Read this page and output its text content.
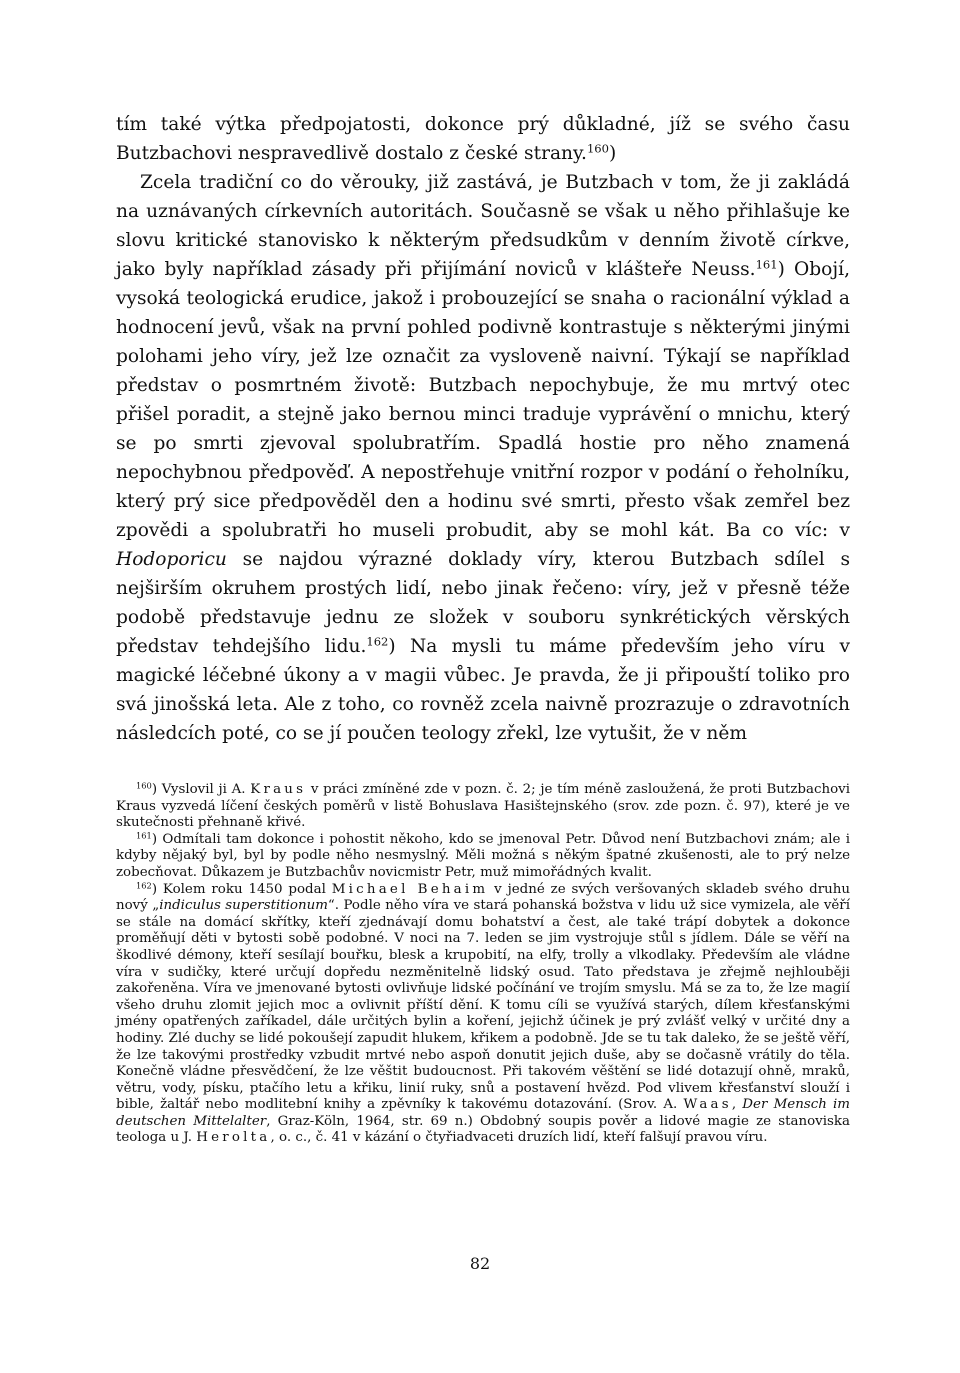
tím také výtka předpojatosti, dokonce prý důkladné, jíž se svého času Butzbachovi nespravedlivě dostalo z české strany.$^{160}$)

Zcela tradiční co do věrouky, již zastává, je Butzbach v tom, že ji zakládá na uznávaných církevních autoritách. Současně se však u něho přihlašuje ke slovu kritické stanovisko k některým předsudkům v denním životě církve, jako byly například zásady při přijímání noviců v klášteře Neuss.$^{161}$) Obojí, vysoká teologická erudice, jakož i probouzející se snaha o racionální výklad a hodnocení jevů, však na první pohled podivně kontrastuje s některými jinými polohami jeho víry, jež lze označit za vysloveně naivní. Týkají se například představ o posmrtném životě: Butzbach nepochybuje, že mu mrtvý otec přišel poradit, a stejně jako bernou minci traduje vyprávění o mnichu, který se po smrti zjevoval spolubratřím. Spadlá hostie pro něho znamená nepochybnou předpověď. A nepostřehuje vnitřní rozpor v podání o řeholníku, který prý sice předpověděl den a hodinu své smrti, přesto však zemřel bez zpovědi a spolubratři ho museli probudit, aby se mohl kát. Ba co víc: v Hodoporicu se najdou výrazné doklady víry, kterou Butzbach sdílel s nejširším okruhem prostých lidí, nebo jinak řečeno: víry, jež v přesně téže podobě představuje jednu ze složek v souboru synkrétických věrských představ tehdejšího lidu.$^{162}$) Na mysli tu máme především jeho víru v magické léčebné úkony a v magii vůbec. Je pravda, že ji připouští toliko pro svá jinošská leta. Ale z toho, co rovněž zcela naivně prozrazuje o zdravotních následcích poté, co se jí poučen teology zřekl, lze vytušit, že v něm

$^{160}$) Vyslovil ji A. Kraus v práci zmíněné zde v pozn. č. 2; je tím méně zasloužená, že proti Butzbachovi Kraus vyzvedá líčení českých poměrů v listě Bohuslava Hasištejnského (srov. zde pozn. č. 97), které je ve skutečnosti přehnaně křivé.

$^{161}$) Odmítali tam dokonce i pohostit někoho, kdo se jmenoval Petr. Důvod není Butzbachovi znám; ale i kdyby nějaký byl, byl by podle něho nesmyslný. Měli možná s někým špatné zkušenosti, ale to prý nelze zobecňovat. Důkazem je Butzbachův novicmistr Petr, muž mimořádných kvalit.

$^{162}$) Kolem roku 1450 podal Michael Behaim v jedné ze svých veršovaných skladeb svého druhu nový „indiculus superstitionum“. Podle něho víra ve stará pohanská božstva v lidu už sice vymizela, ale věří se stále na domácí skřítky, kteří zjednávají domu bohatství a čest, ale také trápí dobytek a dokonce proměňují děti v bytosti sobě podobné. V noci na 7. leden se jim vystrojuje stůl s jídlem. Dále se věří na škodlivé démony, kteří sesílají bouřku, blesk a krupobití, na elfy, trolly a vlkodlaky. Především ale vládne víra v sudičky, které určují dopředu nezměnitelně lidský osud. Tato představa je zřejmě nejhlouběji zakořeněna. Víra ve jmenované bytosti ovlivňuje lidské počínání ve trojím smyslu. Má se za to, že lze magií všeho druhu zlomit jejich moc a ovlivnit příští dění. K tomu cíli se využívá starých, dílem křesťanskými jmény opatřených zaříkadel, dále určitých bylin a koření, jejichž účinek je prý zvlášť velký v určité dny a hodiny. Zlé duchy se lidé pokoušejí zapudit hlukem, křikem a podobně. Jde se tu tak daleko, že se ještě věří, že lze takovými prostředky vzbudit mrtvé nebo aspoň donutit jejich duše, aby se dočasně vrátily do těla. Konečně vládne přesvědčení, že lze věštit budoucnost. Při takovém věštění se lidé dotazují ohně, mraků, větru, vody, písku, ptačího letu a křiku, linií ruky, snů a postavení hvězd. Pod vlivem křesťanství slouží i bible, žaltář nebo modlitební knihy a zpěvníky k takovému dotazování. (Srov. A. Waas, Der Mensch im deutschen Mittelalter, Graz-Köln, 1964, str. 69 n.) Obdobný soupis pověr a lidové magie ze stanoviska teologa u J. Herolta, o. c., č. 41 v kázání o čtyřiadvaceti druzích lidí, kteří falšují pravou víru.

82
